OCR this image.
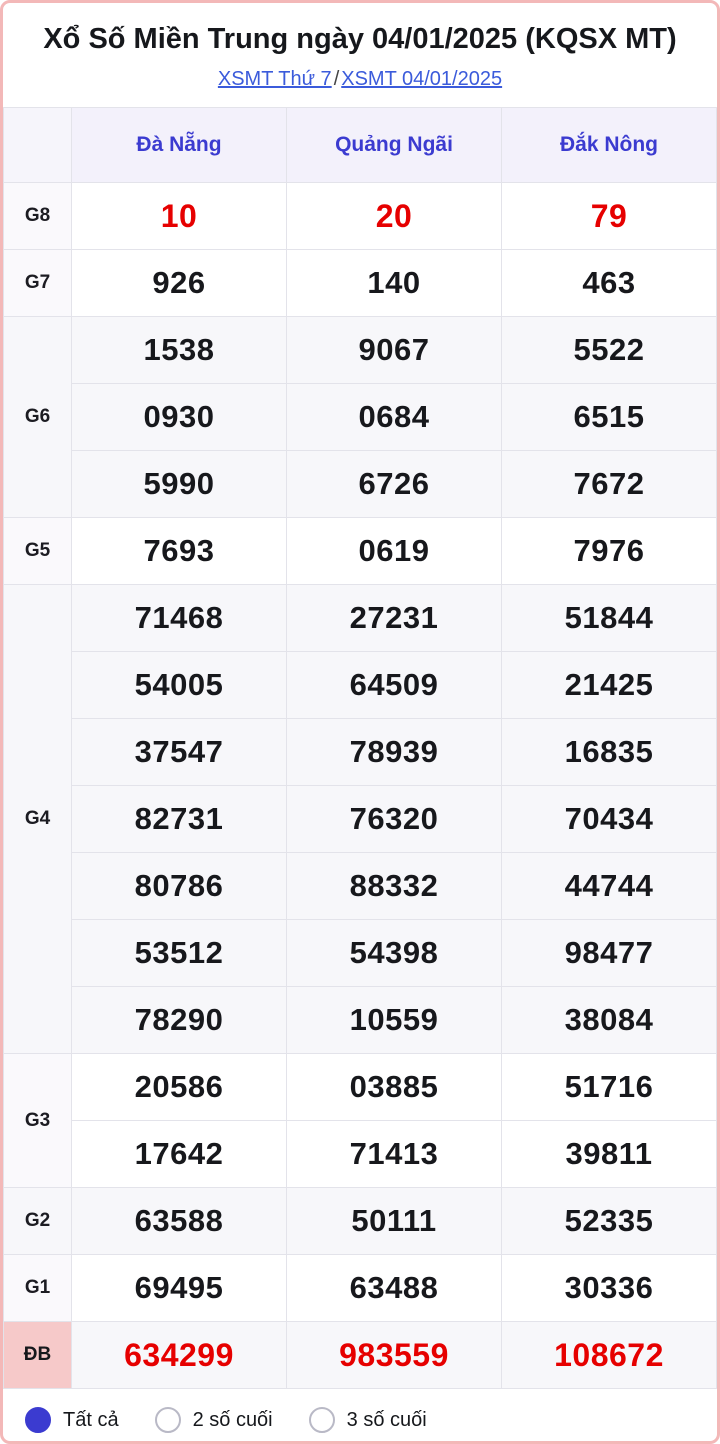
Xổ Số Miền Trung ngày 04/01/2025 (KQSX MT)
XSMT Thứ 7 / XSMT 04/01/2025
	Đà Nẵng	Quảng Ngãi	Đắk Nông
G8	10	20	79
G7	926	140	463
G6	1538	9067	5522
	0930	0684	6515
	5990	6726	7672
G5	7693	0619	7976
G4	71468	27231	51844
	54005	64509	21425
	37547	78939	16835
	82731	76320	70434
	80786	88332	44744
	53512	54398	98477
	78290	10559	38084
G3	20586	03885	51716
	17642	71413	39811
G2	63588	50111	52335
G1	69495	63488	30336
ĐB	634299	983559	108672
Tất cả	2 số cuối	3 số cuối
